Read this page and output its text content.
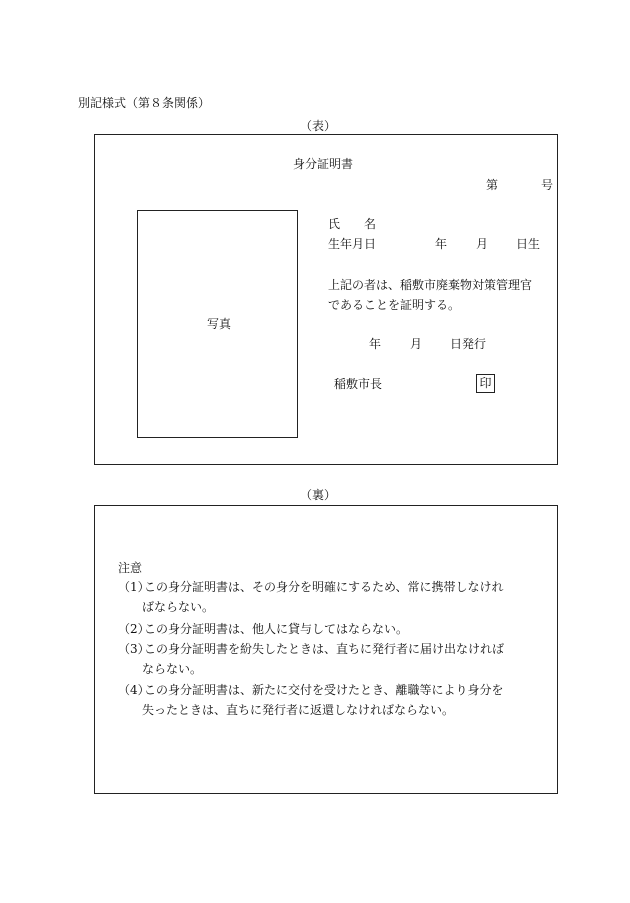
別記様式（第８条関係）
（表）
身分証明書
第	号
写真
氏　　名
生年月日	年 月 日生
上記の者は、稲敷市廃棄物対策管理官
であることを証明する。
年 月 日発行
稲敷市長	印
（裏）
注意
（1）この身分証明書は、その身分を明確にするため、常に携帯しなけれ
ばならない。
（2）この身分証明書は、他人に貸与してはならない。
（3）この身分証明書を紛失したときは、直ちに発行者に届け出なければ
ならない。
（4）この身分証明書は、新たに交付を受けたとき、離職等により身分を
失ったときは、直ちに発行者に返還しなければならない。
